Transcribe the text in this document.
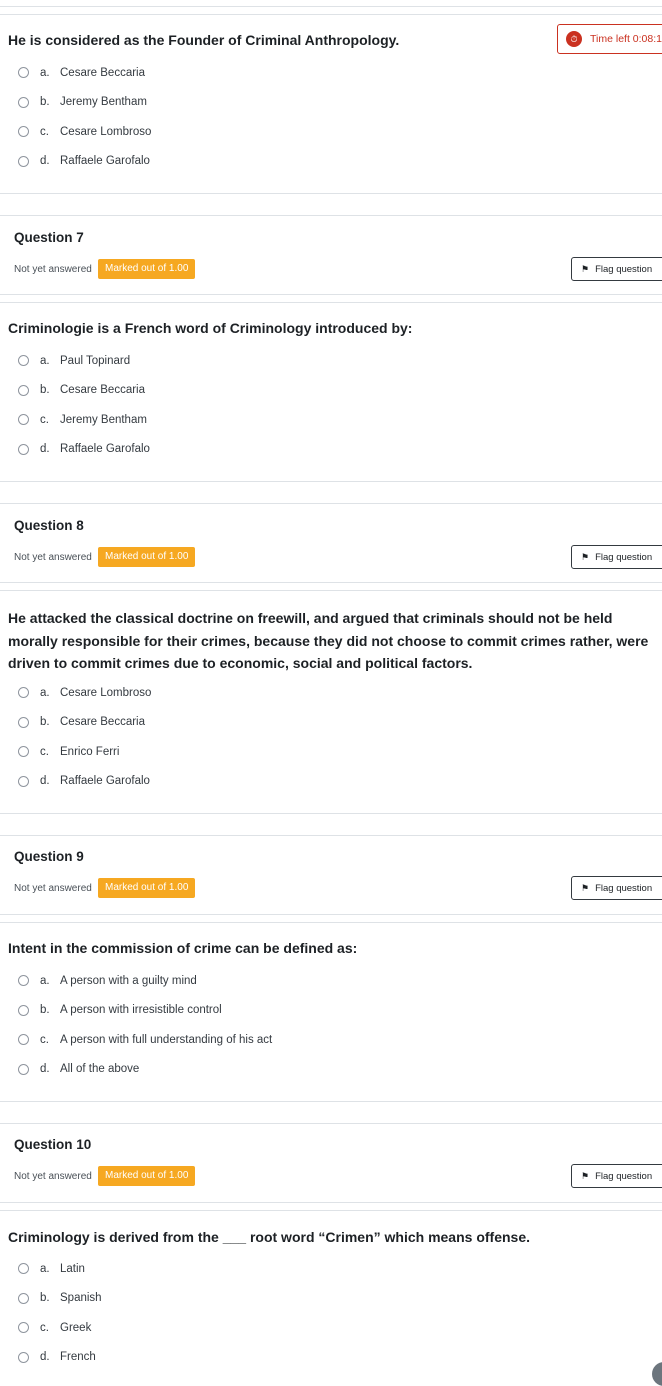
He is considered as the Founder of Criminal Anthropology.	⏱	Time left 0:08:1
a. Cesare Beccaria
b. Jeremy Bentham
c. Cesare Lombroso
d. Raffaele Garofalo
Question 7
Not yet answered	Marked out of 1.00	⚑ Flag question
Criminologie is a French word of Criminology introduced by:
a. Paul Topinard
b. Cesare Beccaria
c. Jeremy Bentham
d. Raffaele Garofalo
Question 8
Not yet answered	Marked out of 1.00	⚑ Flag question
He attacked the classical doctrine on freewill, and argued that criminals should not be held morally responsible for their crimes, because they did not choose to commit crimes rather, were driven to commit crimes due to economic, social and political factors.
a. Cesare Lombroso
b. Cesare Beccaria
c. Enrico Ferri
d. Raffaele Garofalo
Question 9
Not yet answered	Marked out of 1.00	⚑ Flag question
Intent in the commission of crime can be defined as:
a. A person with a guilty mind
b. A person with irresistible control
c. A person with full understanding of his act
d. All of the above
Question 10
Not yet answered	Marked out of 1.00	⚑ Flag question
Criminology is derived from the ___ root word “Crimen” which means offense.
a. Latin
b. Spanish
c. Greek
d. French
